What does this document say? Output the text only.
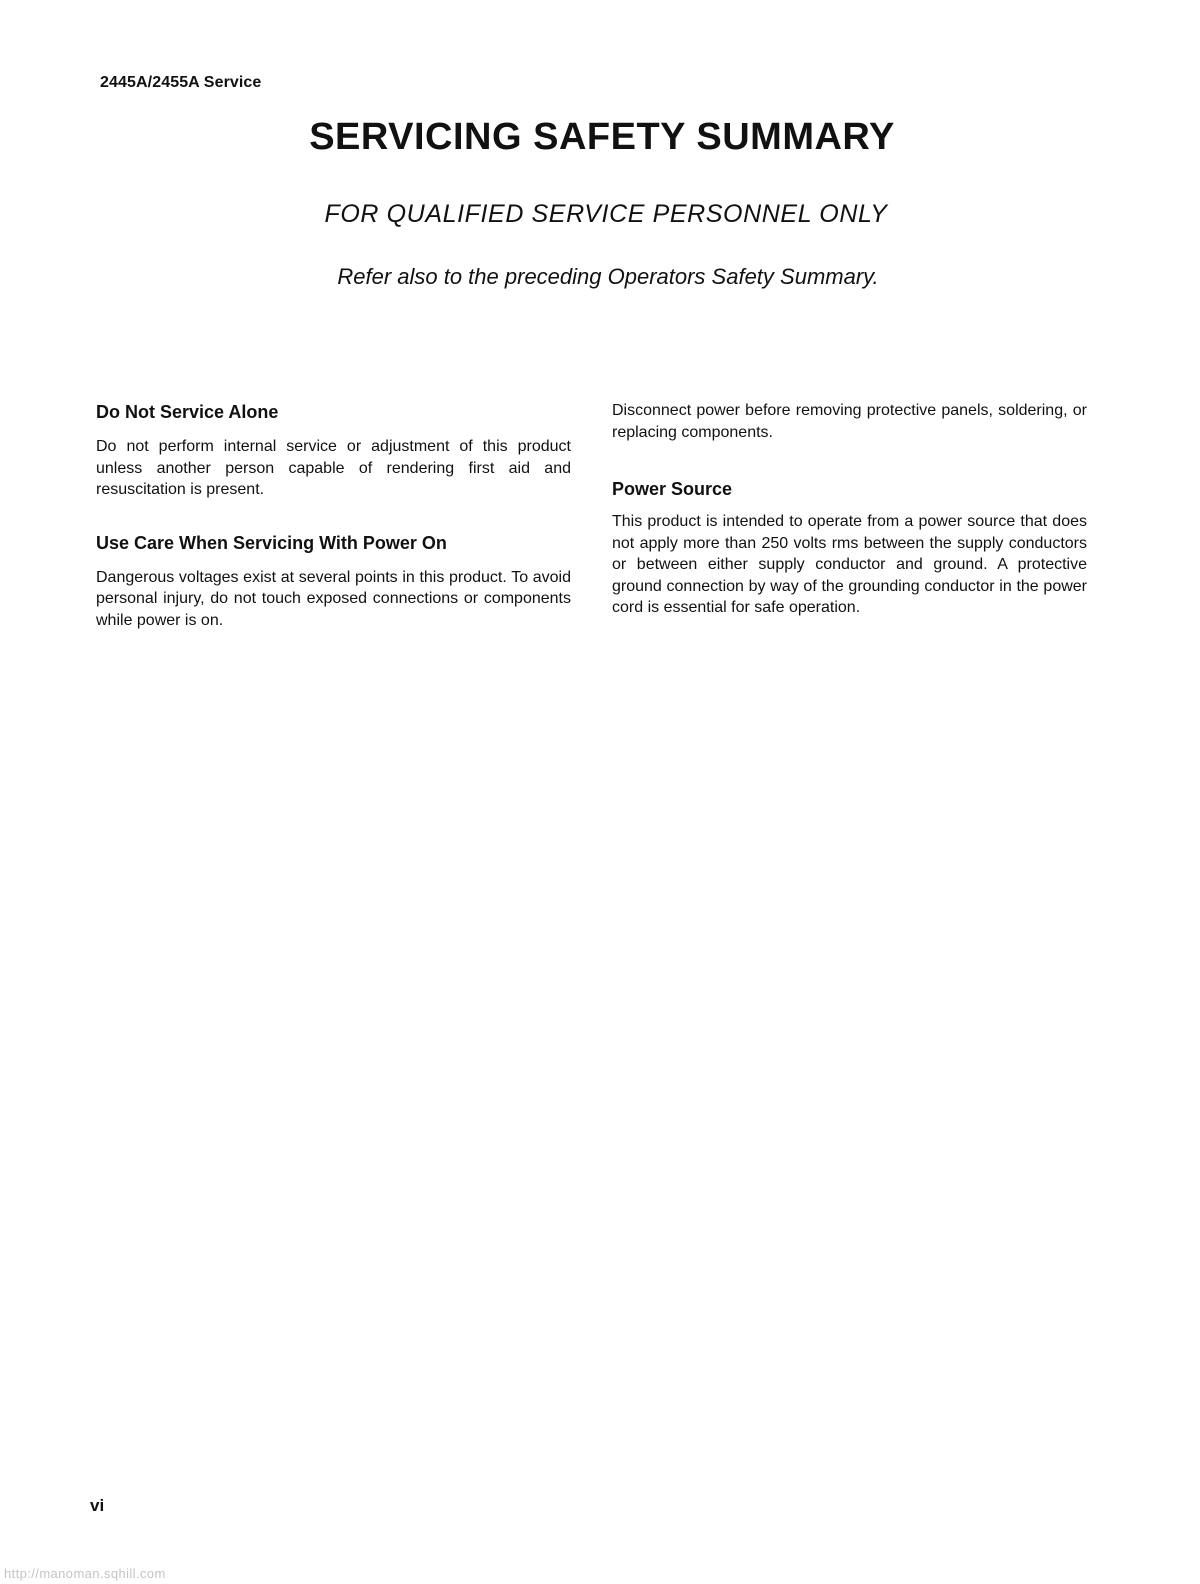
2445A/2455A Service
SERVICING SAFETY SUMMARY
FOR QUALIFIED SERVICE PERSONNEL ONLY
Refer also to the preceding Operators Safety Summary.
Do Not Service Alone

Do not perform internal service or adjustment of this product unless another person capable of rendering first aid and resuscitation is present.

Use Care When Servicing With Power On

Dangerous voltages exist at several points in this product. To avoid personal injury, do not touch exposed connections or components while power is on.

Disconnect power before removing protective panels, soldering, or replacing components.

Power Source

This product is intended to operate from a power source that does not apply more than 250 volts rms between the supply conductors or between either supply conductor and ground. A protective ground connection by way of the grounding conductor in the power cord is essential for safe operation.

vi
http://manoman.sqhill.com
